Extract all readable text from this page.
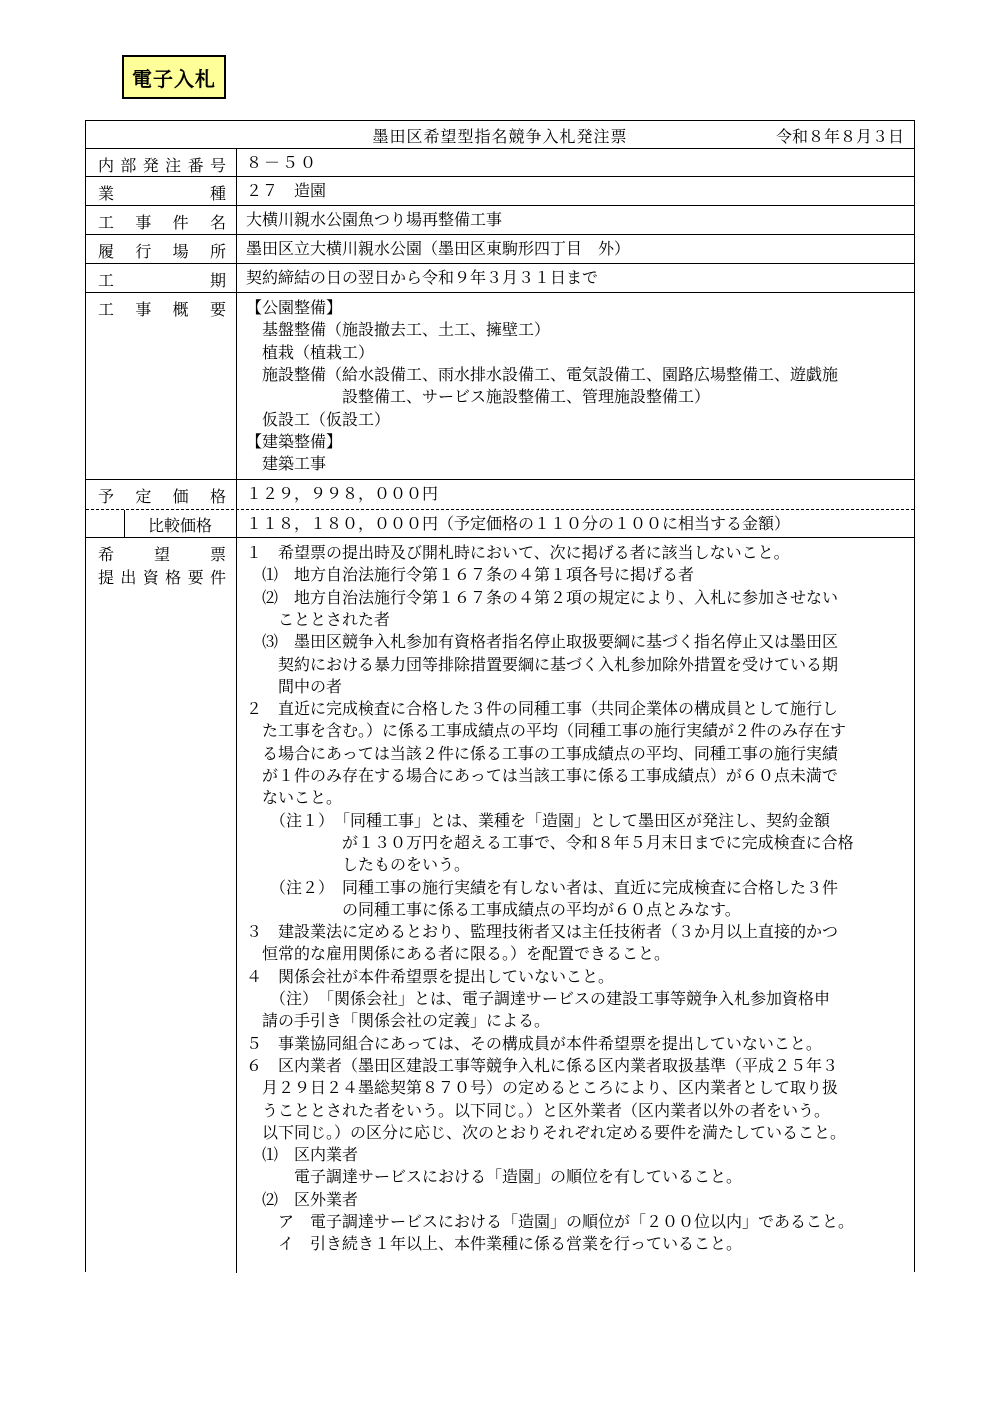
電子入札
墨田区希望型指名競争入札発注票	令和８年８月３日
内 部 発 注 番 号 ８－５０
業	種 ２７　造園
工 事 件 名 大横川親水公園魚つり場再整備工事
履 行 場 所 墨田区立大横川親水公園（墨田区東駒形四丁目　外）
工	期 契約締結の日の翌日から令和９年３月３１日まで
工 事 概 要 【公園整備】
　基盤整備（施設撤去工、土工、擁壁工）
　植栽（植栽工）
　施設整備（給水設備工、雨水排水設備工、電気設備工、園路広場整備工、遊戯施
　　　　　　設整備工、サービス施設整備工、管理施設整備工）
　仮設工（仮設工）
【建築整備】
　建築工事
予 定 価 格 １２９，９９８，０００円
比較価格 １１８，１８０，０００円（予定価格の１１０分の１００に相当する金額）
希 望 票
提 出 資 格 要 件
１　希望票の提出時及び開札時において、次に掲げる者に該当しないこと。
　⑴　地方自治法施行令第１６７条の４第１項各号に掲げる者
　⑵　地方自治法施行令第１６７条の４第２項の規定により、入札に参加させない
　　こととされた者
　⑶　墨田区競争入札参加有資格者指名停止取扱要綱に基づく指名停止又は墨田区
　　契約における暴力団等排除措置要綱に基づく入札参加除外措置を受けている期
　　間中の者
２　直近に完成検査に合格した３件の同種工事（共同企業体の構成員として施行し
　た工事を含む。）に係る工事成績点の平均（同種工事の施行実績が２件のみ存在す
　る場合にあっては当該２件に係る工事の工事成績点の平均、同種工事の施行実績
　が１件のみ存在する場合にあっては当該工事に係る工事成績点）が６０点未満で
　ないこと。
　　（注１）　「同種工事」とは、業種を「造園」として墨田区が発注し、契約金額
　　　　　　が１３０万円を超える工事で、令和８年５月末日までに完成検査に合格
　　　　　　したものをいう。
　　（注２）　同種工事の施行実績を有しない者は、直近に完成検査に合格した３件
　　　　　　の同種工事に係る工事成績点の平均が６０点とみなす。
３　建設業法に定めるとおり、監理技術者又は主任技術者（３か月以上直接的かつ
　恒常的な雇用関係にある者に限る。）を配置できること。
４　関係会社が本件希望票を提出していないこと。
　　（注）　「関係会社」とは、電子調達サービスの建設工事等競争入札参加資格申
　請の手引き「関係会社の定義」による。
５　事業協同組合にあっては、その構成員が本件希望票を提出していないこと。
６　区内業者（墨田区建設工事等競争入札に係る区内業者取扱基準（平成２５年３
　月２９日２４墨総契第８７０号）の定めるところにより、区内業者として取り扱
　うこととされた者をいう。以下同じ。）と区外業者（区内業者以外の者をいう。
　以下同じ。）の区分に応じ、次のとおりそれぞれ定める要件を満たしていること。
　⑴　区内業者
　　　電子調達サービスにおける「造園」の順位を有していること。
　⑵　区外業者
　　ア　電子調達サービスにおける「造園」の順位が「２００位以内」であること。
　　イ　引き続き１年以上、本件業種に係る営業を行っていること。
